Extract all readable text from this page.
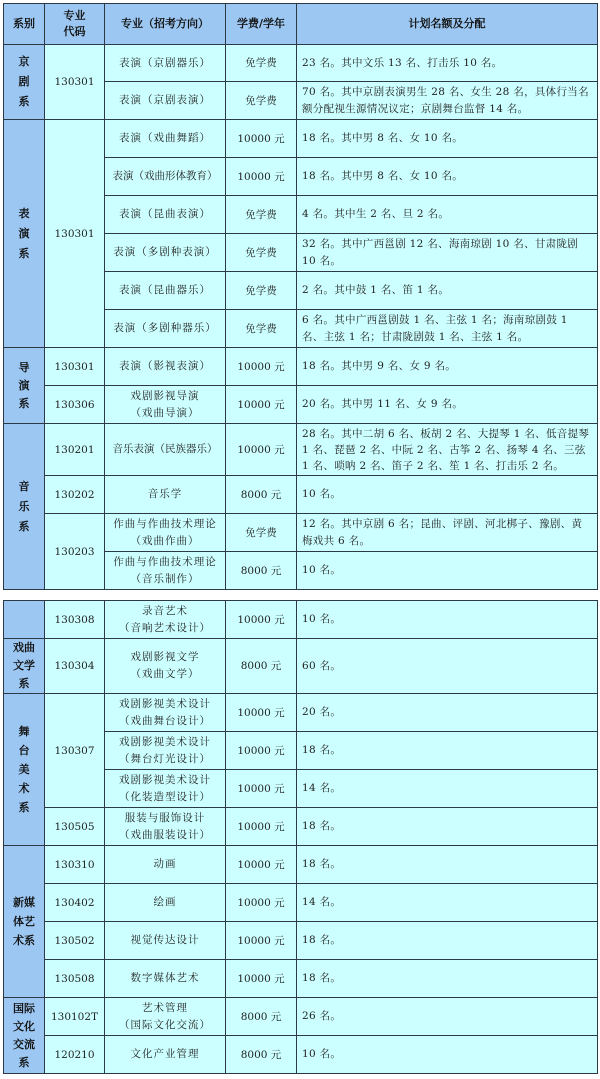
系别	专业代码	专业（招考方向）	学费/学年	计划名额及分配

京剧系	130301	表演（京剧器乐）	免学费	23 名。其中文乐 13 名、打击乐 10 名。
		表演（京剧表演）	免学费	70 名。其中京剧表演男生 28 名、女生 28 名，具体行当名额分配视生源情况议定；京剧舞台监督 14 名。

表演系	130301	表演（戏曲舞蹈）	10000 元	18 名。其中男 8 名、女 10 名。
		表演（戏曲形体教育）	10000 元	18 名。其中男 8 名、女 10 名。
		表演（昆曲表演）	免学费	4 名。其中生 2 名、旦 2 名。
		表演（多剧种表演）	免学费	32 名。其中广西邕剧 12 名、海南琼剧 10 名、甘肃陇剧 10 名。
		表演（昆曲器乐）	免学费	2 名。其中鼓 1 名、笛 1 名。
		表演（多剧种器乐）	免学费	6 名。其中广西邕剧鼓 1 名、主弦 1 名；海南琼剧鼓 1 名、主弦 1 名；甘肃陇剧鼓 1 名、主弦 1 名。

导演系	130301	表演（影视表演）	10000 元	18 名。其中男 9 名、女 9 名。
	130306	戏剧影视导演
（戏曲导演）	10000 元	20 名。其中男 11 名、女 9 名。

音乐系	130201	音乐表演（民族器乐）	10000 元	28 名。其中二胡 6 名、板胡 2 名、大提琴 1 名、低音提琴 1 名、琵琶 2 名、中阮 2 名、古筝 2 名、扬琴 4 名、三弦 1 名、唢呐 2 名、笛子 2 名、笙 1 名、打击乐 2 名。
	130202	音乐学	8000 元	10 名。
	130203	作曲与作曲技术理论
（戏曲作曲）	免学费	12 名。其中京剧 6 名；昆曲、评剧、河北梆子、豫剧、黄梅戏共 6 名。

		作曲与作曲技术理论
（音乐制作）	8000 元	10 名。
	130308	录音艺术
（音响艺术设计）	10000 元	10 名。

戏曲文学系	130304	戏剧影视文学
（戏曲文学）	8000 元	60 名。

舞台美术系	130307	戏剧影视美术设计
（戏曲舞台设计）	10000 元	20 名。

		戏剧影视美术设计
（舞台灯光设计）	10000 元	18 名。

		戏剧影视美术设计
（化装造型设计）	10000 元	14 名。
	130505	服装与服饰设计
（戏曲服装设计）	10000 元	18 名。

新媒体艺术系	130310	动画	10000 元	18 名。
	130402	绘画	10000 元	14 名。
	130502	视觉传达设计	10000 元	18 名。
	130508	数字媒体艺术	10000 元	18 名。

国际文化交流系	130102T	艺术管理
（国际文化交流）	8000 元	26 名。
	120210	文化产业管理	8000 元	10 名。
